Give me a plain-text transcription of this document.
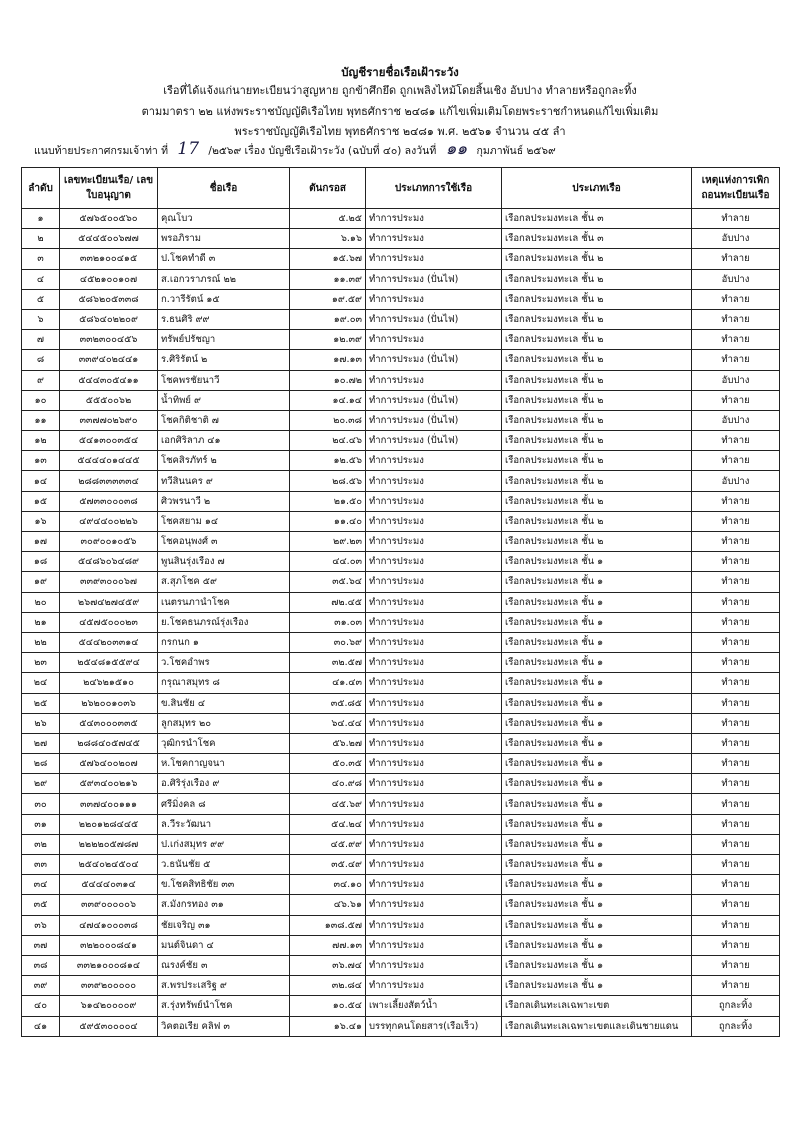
บัญชีรายชื่อเรือเฝ้าระวัง
เรือที่ได้แจ้งแก่นายทะเบียนว่าสูญหาย ถูกข้าศึกยึด ถูกเพลิงไหม้โดยสิ้นเชิง อับปาง ทำลายหรือถูกละทิ้ง
ตามมาตรา ๒๒ แห่งพระราชบัญญัติเรือไทย พุทธศักราช ๒๔๘๑ แก้ไขเพิ่มเติมโดยพระราชกำหนดแก้ไขเพิ่มเติม
พระราชบัญญัติเรือไทย พุทธศักราช ๒๔๘๑ พ.ศ. ๒๕๖๑ จำนวน ๔๕ ลำ
แนบท้ายประกาศกรมเจ้าท่า ที่ 17 /๒๕๖๙ เรื่อง บัญชีเรือเฝ้าระวัง (ฉบับที่ ๔๐) ลงวันที่ ๑๑ กุมภาพันธ์ ๒๕๖๙
ลำดับ	เลขทะเบียนเรือ/ เลขใบอนุญาต	ชื่อเรือ	ตันกรอส	ประเภทการใช้เรือ	ประเภทเรือ	เหตุแห่งการเพิกถอนทะเบียนเรือ
๑	๕๗๖๕๐๐๕๖๐	คุณโบว	๕.๒๕	ทำการประมง	เรือกลประมงทะเล ชั้น ๓	ทำลาย
๒	๕๔๔๕๐๐๖๗๗	พรอภิราม	๖.๑๖	ทำการประมง	เรือกลประมงทะเล ชั้น ๓	อับปาง
๓	๓๓๒๑๐๐๔๑๕	ป.โชคทำดี ๓	๑๕.๖๗	ทำการประมง	เรือกลประมงทะเล ชั้น ๒	ทำลาย
๔	๔๕๒๑๐๐๑๐๗	ส.เอกวราภรณ์ ๒๒	๑๑.๓๙	ทำการประมง (ปั่นไฟ)	เรือกลประมงทะเล ชั้น ๒	อับปาง
๕	๕๘๖๒๐๕๓๓๘	ก.วารีรัตน์ ๑๕	๑๙.๕๙	ทำการประมง	เรือกลประมงทะเล ชั้น ๒	ทำลาย
๖	๕๘๖๔๐๒๒๐๙	ร.ธนศิริ ๙๙	๑๙.๐๓	ทำการประมง (ปั่นไฟ)	เรือกลประมงทะเล ชั้น ๒	ทำลาย
๗	๓๓๒๓๐๐๔๕๖	ทรัพย์ปรัชญา	๑๒.๓๙	ทำการประมง	เรือกลประมงทะเล ชั้น ๒	ทำลาย
๘	๓๓๙๔๐๒๔๔๑	ร.ศิริรัตน์ ๒	๑๗.๑๓	ทำการประมง (ปั่นไฟ)	เรือกลประมงทะเล ชั้น ๒	ทำลาย
๙	๕๔๔๓๐๕๔๑๑	โชคพรชัยนาวี	๑๐.๗๒	ทำการประมง	เรือกลประมงทะเล ชั้น ๒	อับปาง
๑๐	๕๕๕๐๐๖๒	น้ำทิพย์ ๙	๑๔.๑๔	ทำการประมง (ปั่นไฟ)	เรือกลประมงทะเล ชั้น ๒	ทำลาย
๑๑	๓๓๗๗๐๒๖๙๐	โชคกิติชาติ ๗	๒๐.๓๘	ทำการประมง (ปั่นไฟ)	เรือกลประมงทะเล ชั้น ๒	อับปาง
๑๒	๕๔๑๓๐๐๓๕๔	เอกศิริลาภ ๔๑	๒๔.๔๖	ทำการประมง (ปั่นไฟ)	เรือกลประมงทะเล ชั้น ๒	ทำลาย
๑๓	๕๔๔๔๐๑๔๔๕	โชคสิรภัทร์ ๒	๑๒.๕๖	ทำการประมง	เรือกลประมงทะเล ชั้น ๒	ทำลาย
๑๔	๒๘๘๓๓๓๓๓๔	ทวีสินนคร ๙	๒๘.๕๖	ทำการประมง	เรือกลประมงทะเล ชั้น ๒	อับปาง
๑๕	๕๗๓๓๐๐๐๓๘	ศิวพรนาวี ๒	๒๑.๕๐	ทำการประมง	เรือกลประมงทะเล ชั้น ๒	ทำลาย
๑๖	๔๙๔๔๐๐๒๒๖	โชคสยาม ๑๔	๑๑.๔๐	ทำการประมง	เรือกลประมงทะเล ชั้น ๒	ทำลาย
๑๗	๓๐๙๐๐๑๐๕๖	โชคอนุพงศ์ ๓	๒๙.๒๓	ทำการประมง	เรือกลประมงทะเล ชั้น ๒	ทำลาย
๑๘	๕๔๘๖๐๖๔๘๙	พูนสินรุ่งเรือง ๗	๔๔.๐๓	ทำการประมง	เรือกลประมงทะเล ชั้น ๑	ทำลาย
๑๙	๓๓๙๓๐๐๐๖๗	ส.สุภโชค ๕๙	๓๕.๖๔	ทำการประมง	เรือกลประมงทะเล ชั้น ๑	ทำลาย
๒๐	๒๖๗๔๒๗๔๕๙	เนตรนภานำโชค	๗๒.๔๕	ทำการประมง	เรือกลประมงทะเล ชั้น ๑	ทำลาย
๒๑	๔๕๗๕๐๐๐๒๓	ย.โชคธนภรณ์รุ่งเรือง	๓๑.๐๓	ทำการประมง	เรือกลประมงทะเล ชั้น ๑	ทำลาย
๒๒	๕๔๔๒๐๓๓๑๔	กรกนก ๑	๓๐.๖๙	ทำการประมง	เรือกลประมงทะเล ชั้น ๑	ทำลาย
๒๓	๒๕๔๘๑๕๕๙๔	ว.โชคอำพร	๓๒.๕๗	ทำการประมง	เรือกลประมงทะเล ชั้น ๑	ทำลาย
๒๔	๒๔๖๒๑๕๑๐	กรุณาสมุทร ๘	๔๑.๔๓	ทำการประมง	เรือกลประมงทะเล ชั้น ๑	ทำลาย
๒๕	๒๖๒๐๐๑๐๓๖	ข.สินชัย ๔	๓๕.๘๕	ทำการประมง	เรือกลประมงทะเล ชั้น ๑	ทำลาย
๒๖	๕๔๓๐๐๐๓๓๕	ลูกสมุทร ๒๐	๖๔.๔๔	ทำการประมง	เรือกลประมงทะเล ชั้น ๑	ทำลาย
๒๗	๒๘๘๔๐๕๗๔๕	วุฒิกรนำโชค	๕๖.๒๗	ทำการประมง	เรือกลประมงทะเล ชั้น ๑	ทำลาย
๒๘	๕๗๖๔๐๐๒๐๗	ห.โชคกาญจนา	๕๐.๓๕	ทำการประมง	เรือกลประมงทะเล ชั้น ๑	ทำลาย
๒๙	๕๙๓๔๐๐๒๑๖	อ.ศิริรุ่งเรือง ๙	๔๐.๙๘	ทำการประมง	เรือกลประมงทะเล ชั้น ๑	ทำลาย
๓๐	๓๓๗๔๐๐๑๑๑	ศรีมิ่งคล ๘	๔๕.๖๙	ทำการประมง	เรือกลประมงทะเล ชั้น ๑	ทำลาย
๓๑	๒๒๐๑๒๘๔๔๕	ล.วีระวัฒนา	๕๔.๒๔	ทำการประมง	เรือกลประมงทะเล ชั้น ๑	ทำลาย
๓๒	๒๒๒๒๐๕๗๘๗	ป.เก่งสมุทร ๙๙	๔๕.๙๙	ทำการประมง	เรือกลประมงทะเล ชั้น ๑	ทำลาย
๓๓	๒๕๔๐๒๔๕๐๔	ว.ธนันชัย ๕	๓๕.๔๙	ทำการประมง	เรือกลประมงทะเล ชั้น ๑	ทำลาย
๓๔	๕๔๔๔๐๓๑๔	ข.โชคสิทธิชัย ๓๓	๓๔.๑๐	ทำการประมง	เรือกลประมงทะเล ชั้น ๑	ทำลาย
๓๕	๓๓๙๐๐๐๐๐๖	ส.มังกรทอง ๓๑	๔๖.๖๑	ทำการประมง	เรือกลประมงทะเล ชั้น ๑	ทำลาย
๓๖	๔๗๔๑๐๐๐๓๘	ชัยเจริญ ๓๑	๑๓๘.๕๗	ทำการประมง	เรือกลประมงทะเล ชั้น ๑	ทำลาย
๓๗	๓๒๒๐๐๐๘๔๑	มนต์จินดา ๔	๗๗.๑๓	ทำการประมง	เรือกลประมงทะเล ชั้น ๑	ทำลาย
๓๘	๓๓๒๑๐๐๐๘๑๔	ณรงค์ชัย ๓	๓๖.๗๔	ทำการประมง	เรือกลประมงทะเล ชั้น ๑	ทำลาย
๓๙	๓๓๙๒๐๐๐๐๐	ส.พรประเสริฐ ๙	๓๒.๘๔	ทำการประมง	เรือกลประมงทะเล ชั้น ๑	ทำลาย
๔๐	๖๑๔๒๐๐๐๐๙	ส.รุ่งทรัพย์นำโชค	๑๐.๕๔	เพาะเลี้ยงสัตว์น้ำ	เรือกลเดินทะเลเฉพาะเขต	ถูกละทิ้ง
๔๑	๕๙๕๓๐๐๐๐๔	วิคตอเรีย คลิฟ ๓	๑๖.๔๑	บรรทุกคนโดยสาร(เรือเร็ว)	เรือกลเดินทะเลเฉพาะเขตและเดินชายแดน	ถูกละทิ้ง
